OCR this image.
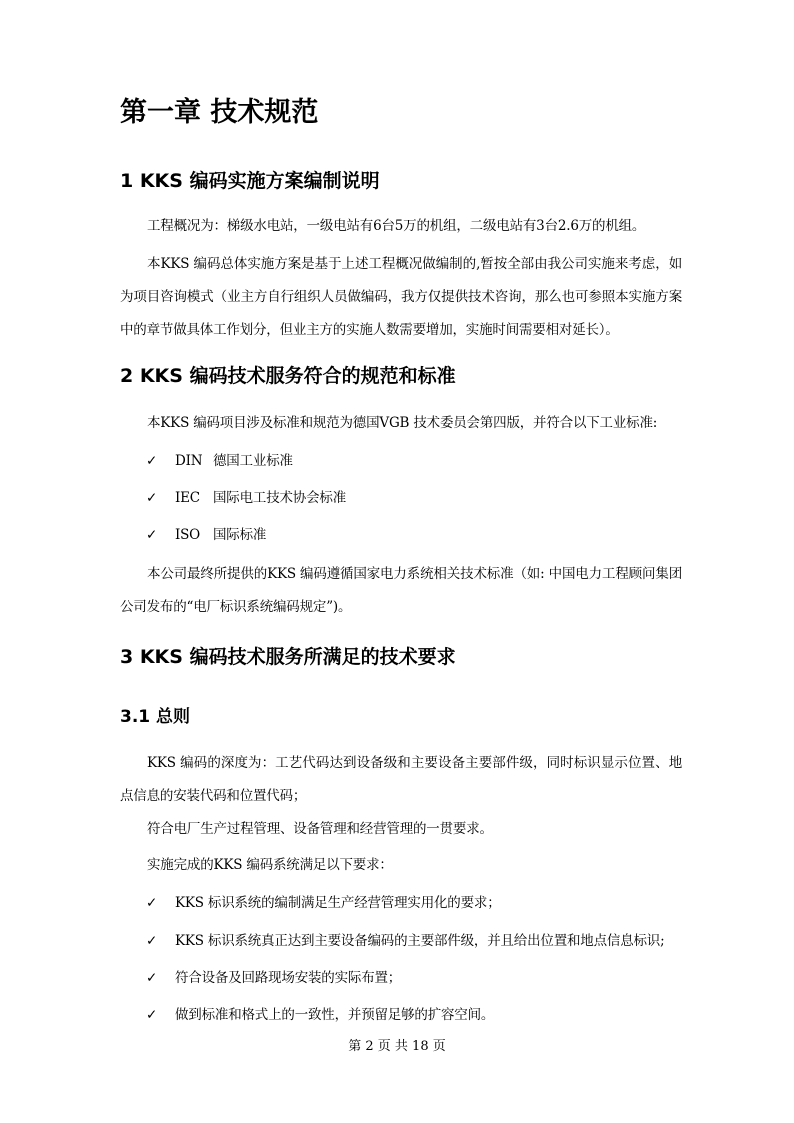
第一章 技术规范
1 KKS 编码实施方案编制说明

工程概况为：梯级水电站，一级电站有6台5万的机组，二级电站有3台2.6万的机组。

本KKS 编码总体实施方案是基于上述工程概况做编制的,暂按全部由我公司实施来考虑，如为项目咨询模式（业主方自行组织人员做编码，我方仅提供技术咨询，那么也可参照本实施方案中的章节做具体工作划分，但业主方的实施人数需要增加，实施时间需要相对延长）。

2 KKS 编码技术服务符合的规范和标准

本KKS 编码项目涉及标准和规范为德国VGB 技术委员会第四版，并符合以下工业标准:

✓ DIN 德国工业标准
✓ IEC 国际电工技术协会标准
✓ ISO 国际标准

本公司最终所提供的KKS 编码遵循国家电力系统相关技术标准（如: 中国电力工程顾问集团公司发布的“电厂标识系统编码规定”)。

3 KKS 编码技术服务所满足的技术要求
3.1 总则

KKS 编码的深度为：工艺代码达到设备级和主要设备主要部件级，同时标识显示位置、地点信息的安装代码和位置代码；

符合电厂生产过程管理、设备管理和经营管理的一贯要求。

实施完成的KKS 编码系统满足以下要求：

✓ KKS 标识系统的编制满足生产经营管理实用化的要求；
✓ KKS 标识系统真正达到主要设备编码的主要部件级，并且给出位置和地点信息标识;
✓ 符合设备及回路现场安装的实际布置；
✓ 做到标准和格式上的一致性，并预留足够的扩容空间。

第 2 页 共 18 页
